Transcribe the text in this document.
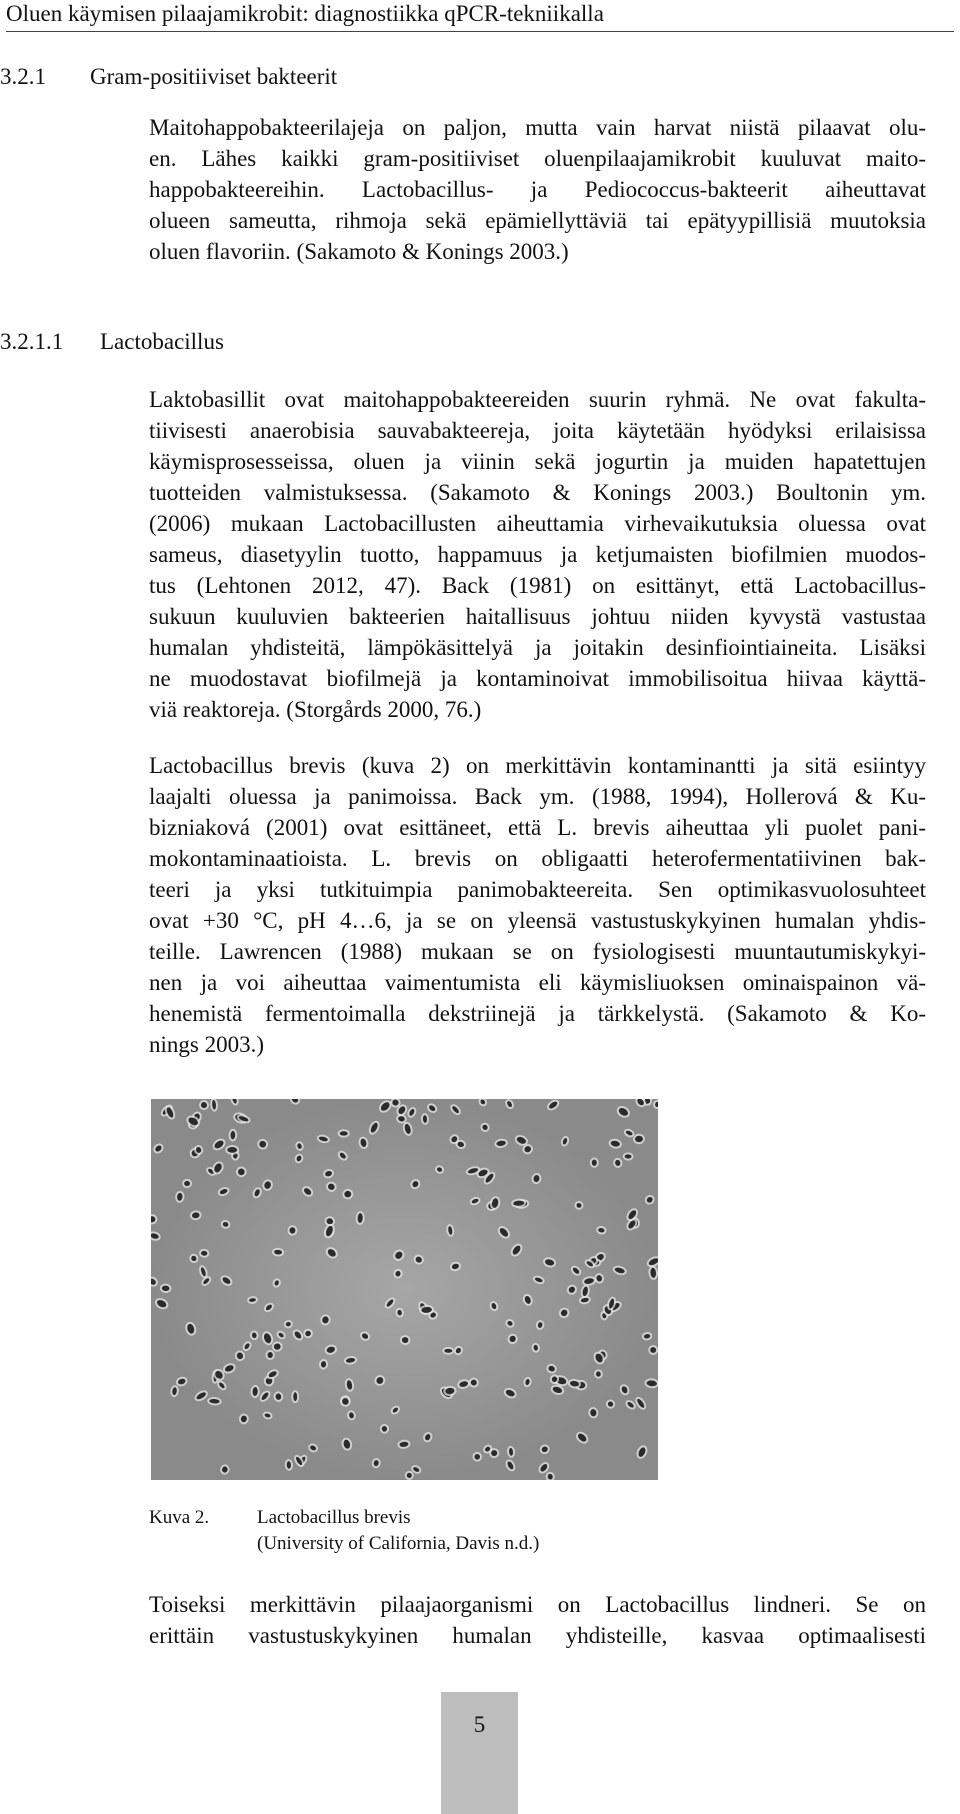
Oluen käymisen pilaajamikrobit: diagnostiikka qPCR-tekniikalla
3.2.1 Gram-positiiviset bakteerit
Maitohappobakteerilajeja on paljon, mutta vain harvat niistä pilaavat olu-
en. Lähes kaikki gram-positiiviset oluenpilaajamikrobit kuuluvat maito-
happobakteereihin. Lactobacillus- ja Pediococcus-bakteerit aiheuttavat
olueen sameutta, rihmoja sekä epämiellyttäviä tai epätyypillisiä muutoksia
oluen flavoriin. (Sakamoto & Konings 2003.)
3.2.1.1 Lactobacillus
Laktobasillit ovat maitohappobakteereiden suurin ryhmä. Ne ovat fakulta-
tiivisesti anaerobisia sauvabakteereja, joita käytetään hyödyksi erilaisissa
käymisprosesseissa, oluen ja viinin sekä jogurtin ja muiden hapatettujen
tuotteiden valmistuksessa. (Sakamoto & Konings 2003.) Boultonin ym.
(2006) mukaan Lactobacillusten aiheuttamia virhevaikutuksia oluessa ovat
sameus, diasetyylin tuotto, happamuus ja ketjumaisten biofilmien muodos-
tus (Lehtonen 2012, 47). Back (1981) on esittänyt, että Lactobacillus-
sukuun kuuluvien bakteerien haitallisuus johtuu niiden kyvystä vastustaa
humalan yhdisteitä, lämpökäsittelyä ja joitakin desinfiointiaineita. Lisäksi
ne muodostavat biofilmejä ja kontaminoivat immobilisoitua hiivaa käyttä-
viä reaktoreja. (Storgårds 2000, 76.)
Lactobacillus brevis (kuva 2) on merkittävin kontaminantti ja sitä esiintyy
laajalti oluessa ja panimoissa. Back ym. (1988, 1994), Hollerová & Ku-
bizniaková (2001) ovat esittäneet, että L. brevis aiheuttaa yli puolet pani-
mokontaminaatioista. L. brevis on obligaatti heterofermentatiivinen bak-
teeri ja yksi tutkituimpia panimobakteereita. Sen optimikasvuolosuhteet
ovat +30 °C, pH 4…6, ja se on yleensä vastustuskykyinen humalan yhdis-
teille. Lawrencen (1988) mukaan se on fysiologisesti muuntautumiskykyi-
nen ja voi aiheuttaa vaimentumista eli käymisliuoksen ominaispainon vä-
henemistä fermentoimalla dekstriinejä ja tärkkelystä. (Sakamoto & Ko-
nings 2003.)
Kuva 2.	Lactobacillus brevis
(University of California, Davis n.d.)
Toiseksi merkittävin pilaajaorganismi on Lactobacillus lindneri. Se on
erittäin vastustuskykyinen humalan yhdisteille, kasvaa optimaalisesti
5
